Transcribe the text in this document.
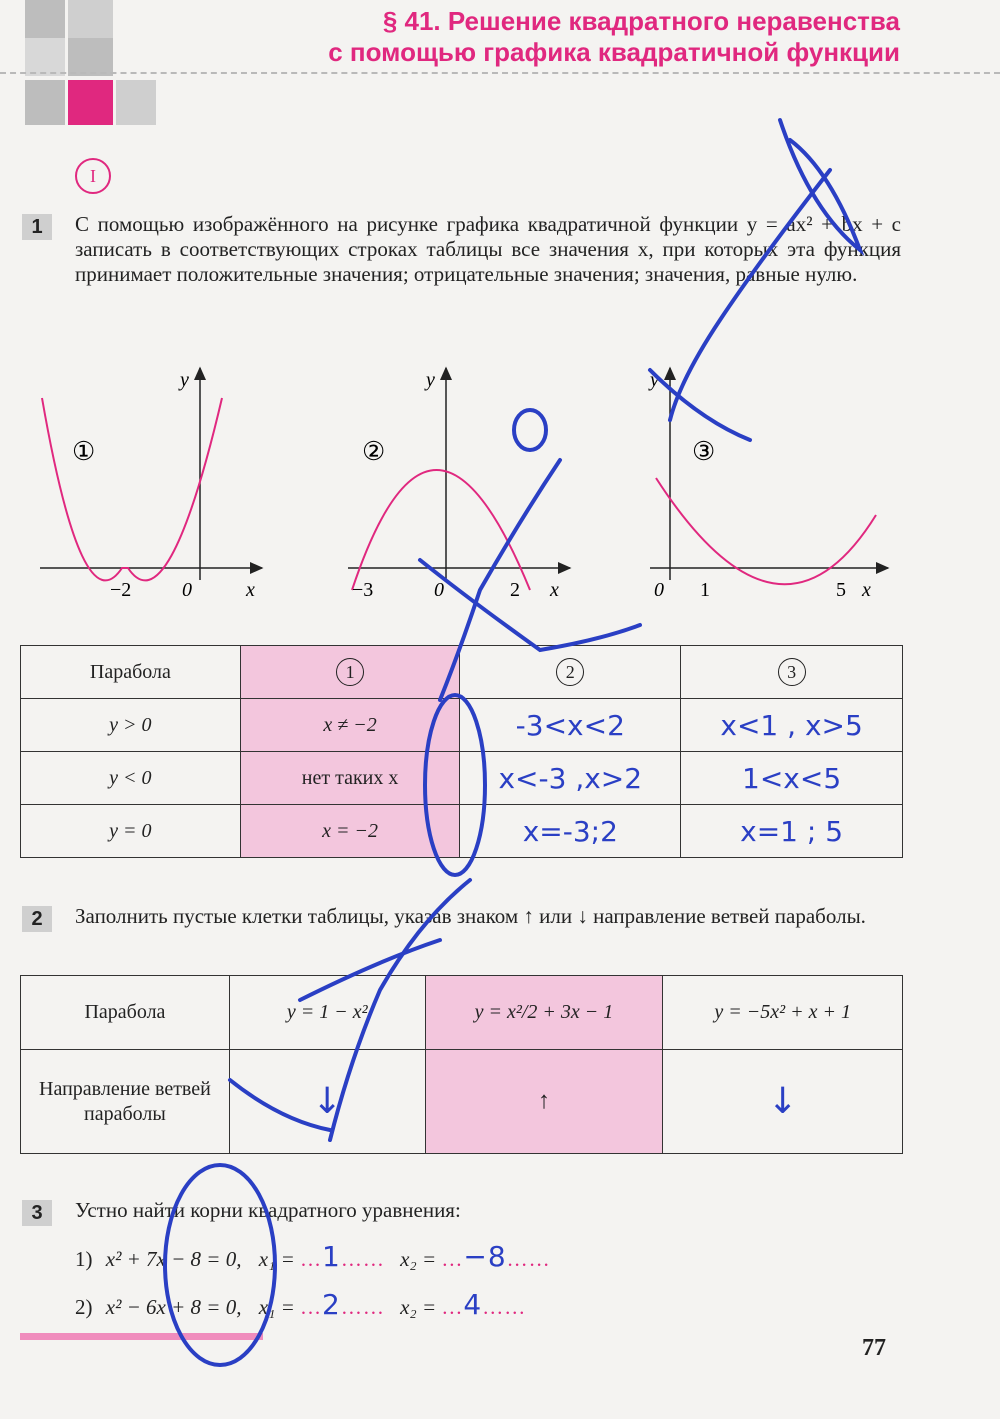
§ 41. Решение квадратного неравенства
с помощью графика квадратичной функции
I
1	С помощью изображённого на рисунке графика квадратичной функции y = ax² + bx + c записать в соответствующих строках таблицы все значения x, при которых эта функция принимает положительные значения; отрицательные значения; значения, равные нулю.
y
x
−2	0
①
y
x
−3	0	2
②
y
x
0 1	5
③
Парабола	1	2	3
y > 0	x ≠ −2	-3<x<2	x<1 , x>5
y < 0	нет таких x	x<-3 ,x>2	1<x<5
y = 0	x = −2	x=-3;2	x=1 ; 5
2	Заполнить пустые клетки таблицы, указав знаком ↑ или ↓ направление ветвей параболы.
Парабола	y = 1 − x²	y = x²/2 + 3x − 1	y = −5x² + x + 1
Направление ветвей параболы	↓	↑	↓
3	Устно найти корни квадратного уравнения:
1) x² + 7x − 8 = 0, x₁ = …1…… x₂ = …−8……
2) x² − 6x + 8 = 0, x₁ = …2…… x₂ = …4……
77
